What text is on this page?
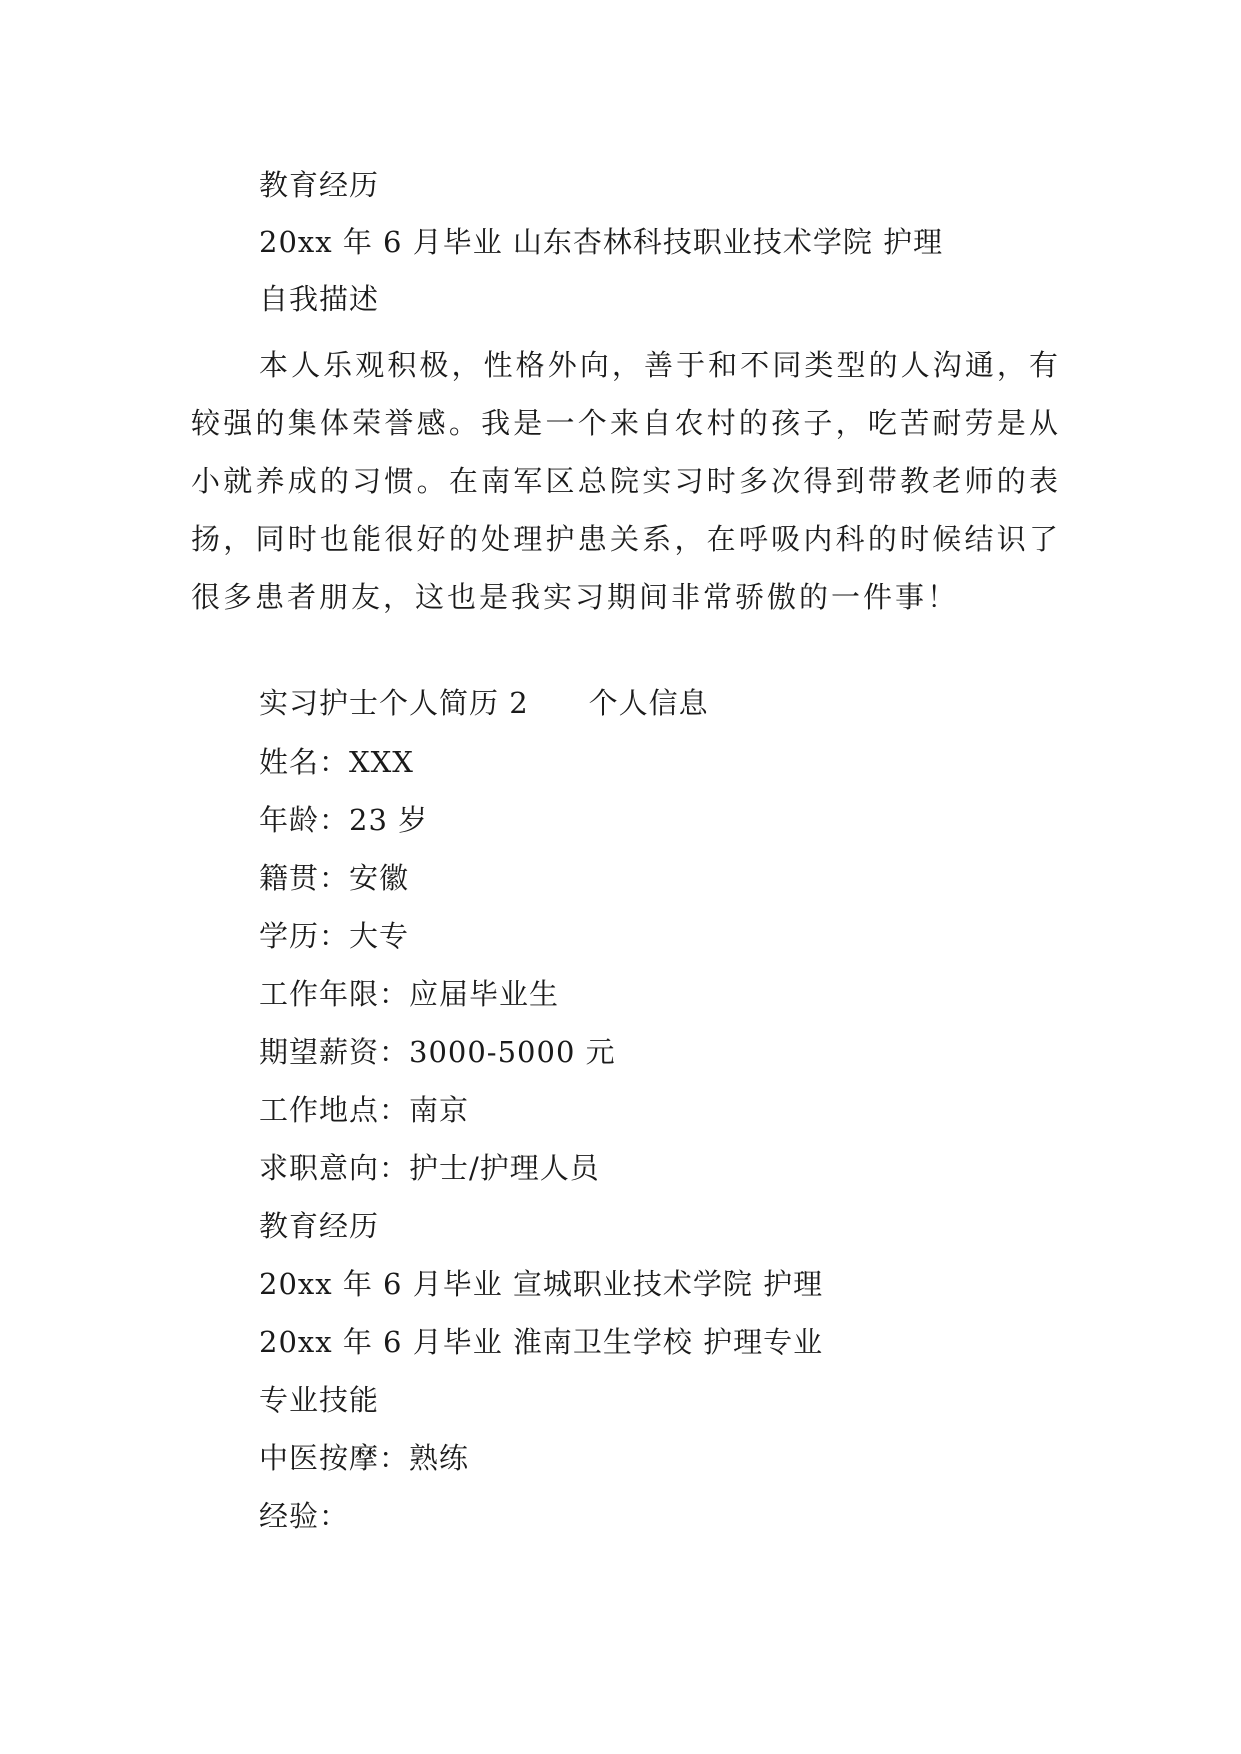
教育经历
20xx 年 6 月毕业 山东杏林科技职业技术学院 护理
自我描述

本人乐观积极，性格外向，善于和不同类型的人沟通，有较强的集体荣誉感。我是一个来自农村的孩子，吃苦耐劳是从小就养成的习惯。在南军区总院实习时多次得到带教老师的表扬，同时也能很好的处理护患关系，在呼吸内科的时候结识了很多患者朋友，这也是我实习期间非常骄傲的一件事！

实习护士个人简历 2 个人信息
姓名：XXX
年龄：23 岁
籍贯：安徽
学历：大专
工作年限：应届毕业生
期望薪资：3000-5000 元
工作地点：南京
求职意向：护士/护理人员
教育经历
20xx 年 6 月毕业 宣城职业技术学院 护理
20xx 年 6 月毕业 淮南卫生学校 护理专业
专业技能
中医按摩：熟练
经验：
